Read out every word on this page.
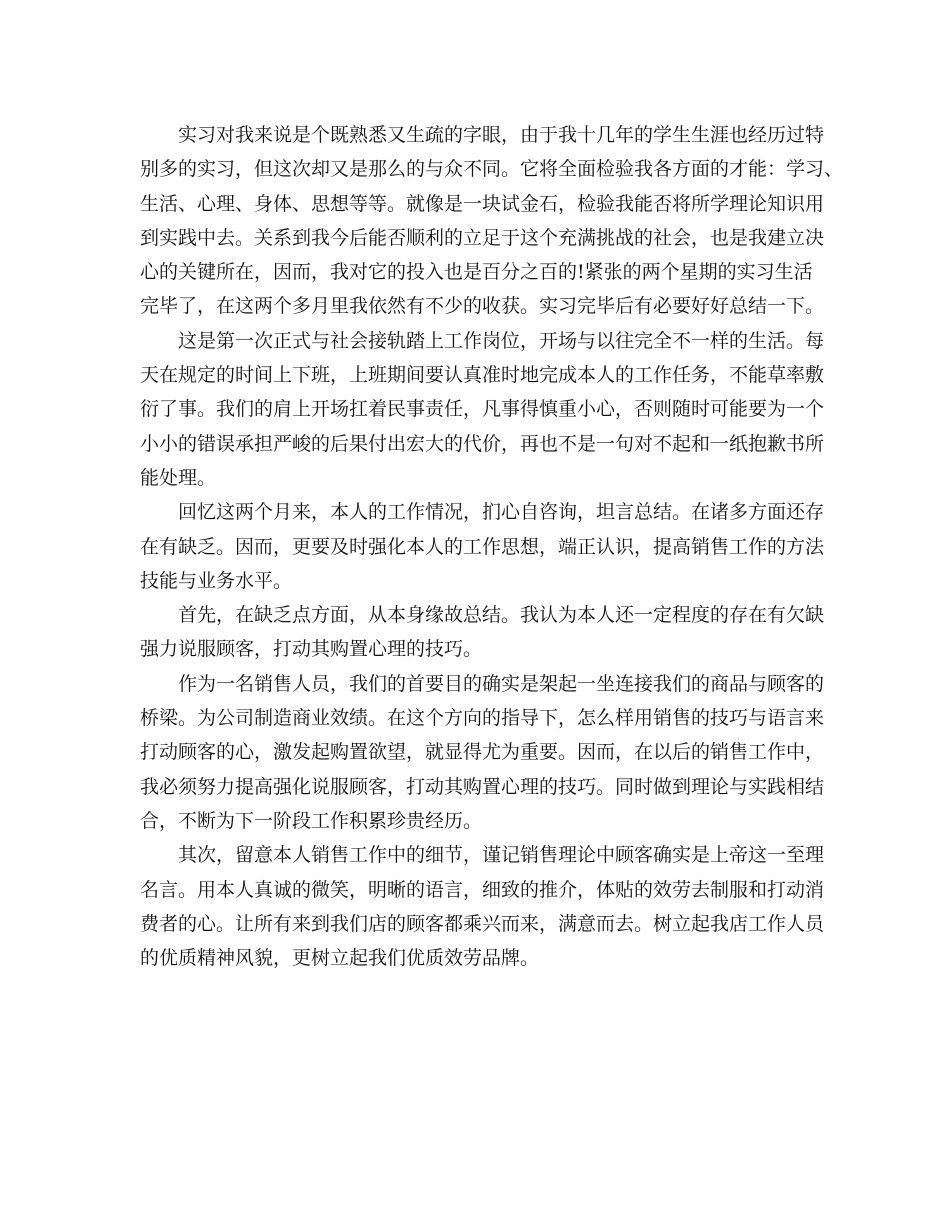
实习对我来说是个既熟悉又生疏的字眼，由于我十几年的学生生涯也经历过特
别多的实习，但这次却又是那么的与众不同。它将全面检验我各方面的才能：学习、
生活、心理、身体、思想等等。就像是一块试金石，检验我能否将所学理论知识用
到实践中去。关系到我今后能否顺利的立足于这个充满挑战的社会，也是我建立决
心的关键所在，因而，我对它的投入也是百分之百的!紧张的两个星期的实习生活
完毕了，在这两个多月里我依然有不少的收获。实习完毕后有必要好好总结一下。
这是第一次正式与社会接轨踏上工作岗位，开场与以往完全不一样的生活。每
天在规定的时间上下班，上班期间要认真准时地完成本人的工作任务，不能草率敷
衍了事。我们的肩上开场扛着民事责任，凡事得慎重小心，否则随时可能要为一个
小小的错误承担严峻的后果付出宏大的代价，再也不是一句对不起和一纸抱歉书所
能处理。
回忆这两个月来，本人的工作情况，扪心自咨询，坦言总结。在诸多方面还存
在有缺乏。因而，更要及时强化本人的工作思想，端正认识，提高销售工作的方法
技能与业务水平。
首先，在缺乏点方面，从本身缘故总结。我认为本人还一定程度的存在有欠缺
强力说服顾客，打动其购置心理的技巧。
作为一名销售人员，我们的首要目的确实是架起一坐连接我们的商品与顾客的
桥梁。为公司制造商业效绩。在这个方向的指导下，怎么样用销售的技巧与语言来
打动顾客的心，激发起购置欲望，就显得尤为重要。因而，在以后的销售工作中，
我必须努力提高强化说服顾客，打动其购置心理的技巧。同时做到理论与实践相结
合，不断为下一阶段工作积累珍贵经历。
其次，留意本人销售工作中的细节，谨记销售理论中顾客确实是上帝这一至理
名言。用本人真诚的微笑，明晰的语言，细致的推介，体贴的效劳去制服和打动消
费者的心。让所有来到我们店的顾客都乘兴而来，满意而去。树立起我店工作人员
的优质精神风貌，更树立起我们优质效劳品牌。
